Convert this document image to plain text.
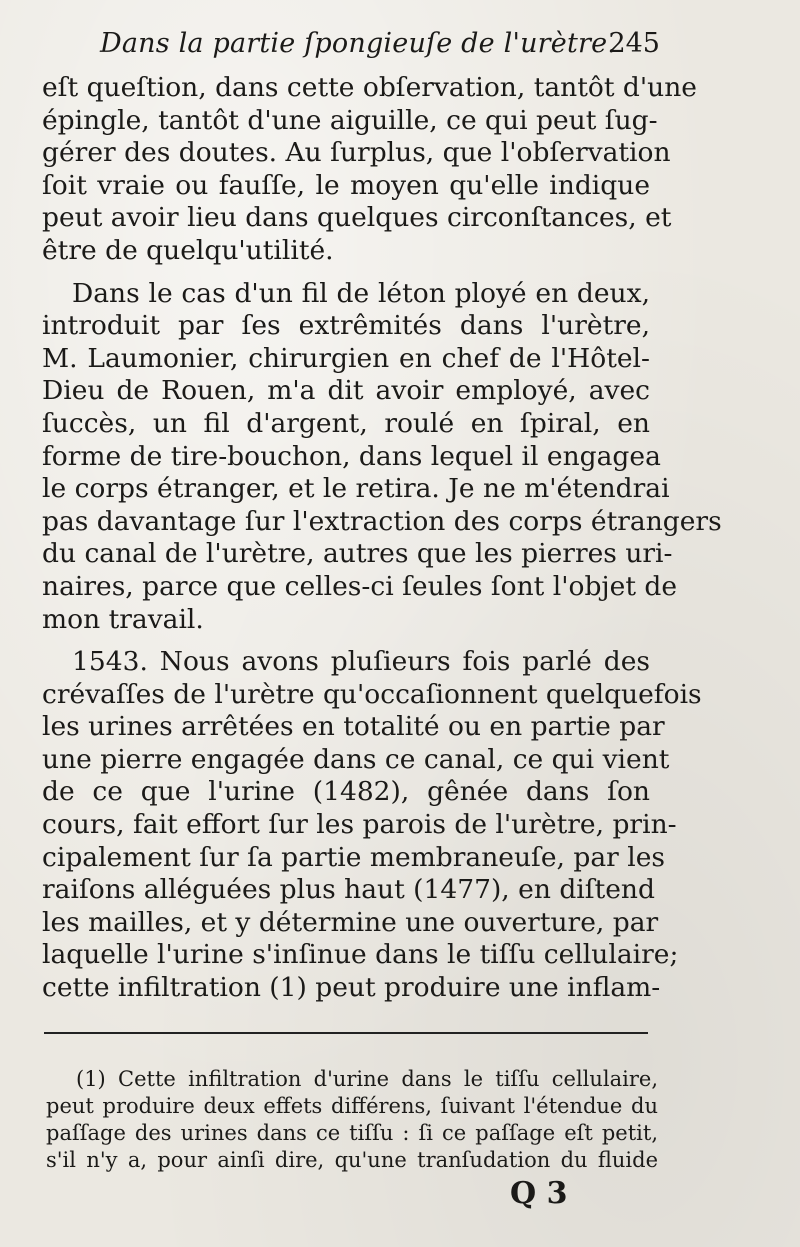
Dans la partie ſpongieuſe de l'urètre.
245
eſt queſtion, dans cette obſervation, tantôt d'une
épingle, tantôt d'une aiguille, ce qui peut ſug-
gérer des doutes. Au ſurplus, que l'obſervation
ſoit vraie ou fauſſe, le moyen qu'elle indique
peut avoir lieu dans quelques circonſtances, et
être de quelqu'utilité.
Dans le cas d'un fil de léton ployé en deux,
introduit par ſes extrêmités dans l'urètre,
M. Laumonier, chirurgien en chef de l'Hôtel-
Dieu de Rouen, m'a dit avoir employé, avec
ſuccès, un fil d'argent, roulé en ſpiral, en
forme de tire-bouchon, dans lequel il engagea
le corps étranger, et le retira. Je ne m'étendrai
pas davantage ſur l'extraction des corps étrangers
du canal de l'urètre, autres que les pierres uri-
naires, parce que celles-ci ſeules ſont l'objet de
mon travail.
1543. Nous avons pluſieurs fois parlé des
crévaſſes de l'urètre qu'occaſionnent quelquefois
les urines arrêtées en totalité ou en partie par
une pierre engagée dans ce canal, ce qui vient
de ce que l'urine (1482), gênée dans ſon
cours, fait effort ſur les parois de l'urètre, prin-
cipalement ſur ſa partie membraneuſe, par les
raiſons alléguées plus haut (1477), en diſtend
les mailles, et y détermine une ouverture, par
laquelle l'urine s'inſinue dans le tiſſu cellulaire;
cette infiltration (1) peut produire une inflam-
(1) Cette infiltration d'urine dans le tiſſu cellulaire,
peut produire deux effets différens, ſuivant l'étendue du
paſſage des urines dans ce tiſſu : ſi ce paſſage eſt petit,
s'il n'y a, pour ainſi dire, qu'une tranſudation du fluide
Q 3
